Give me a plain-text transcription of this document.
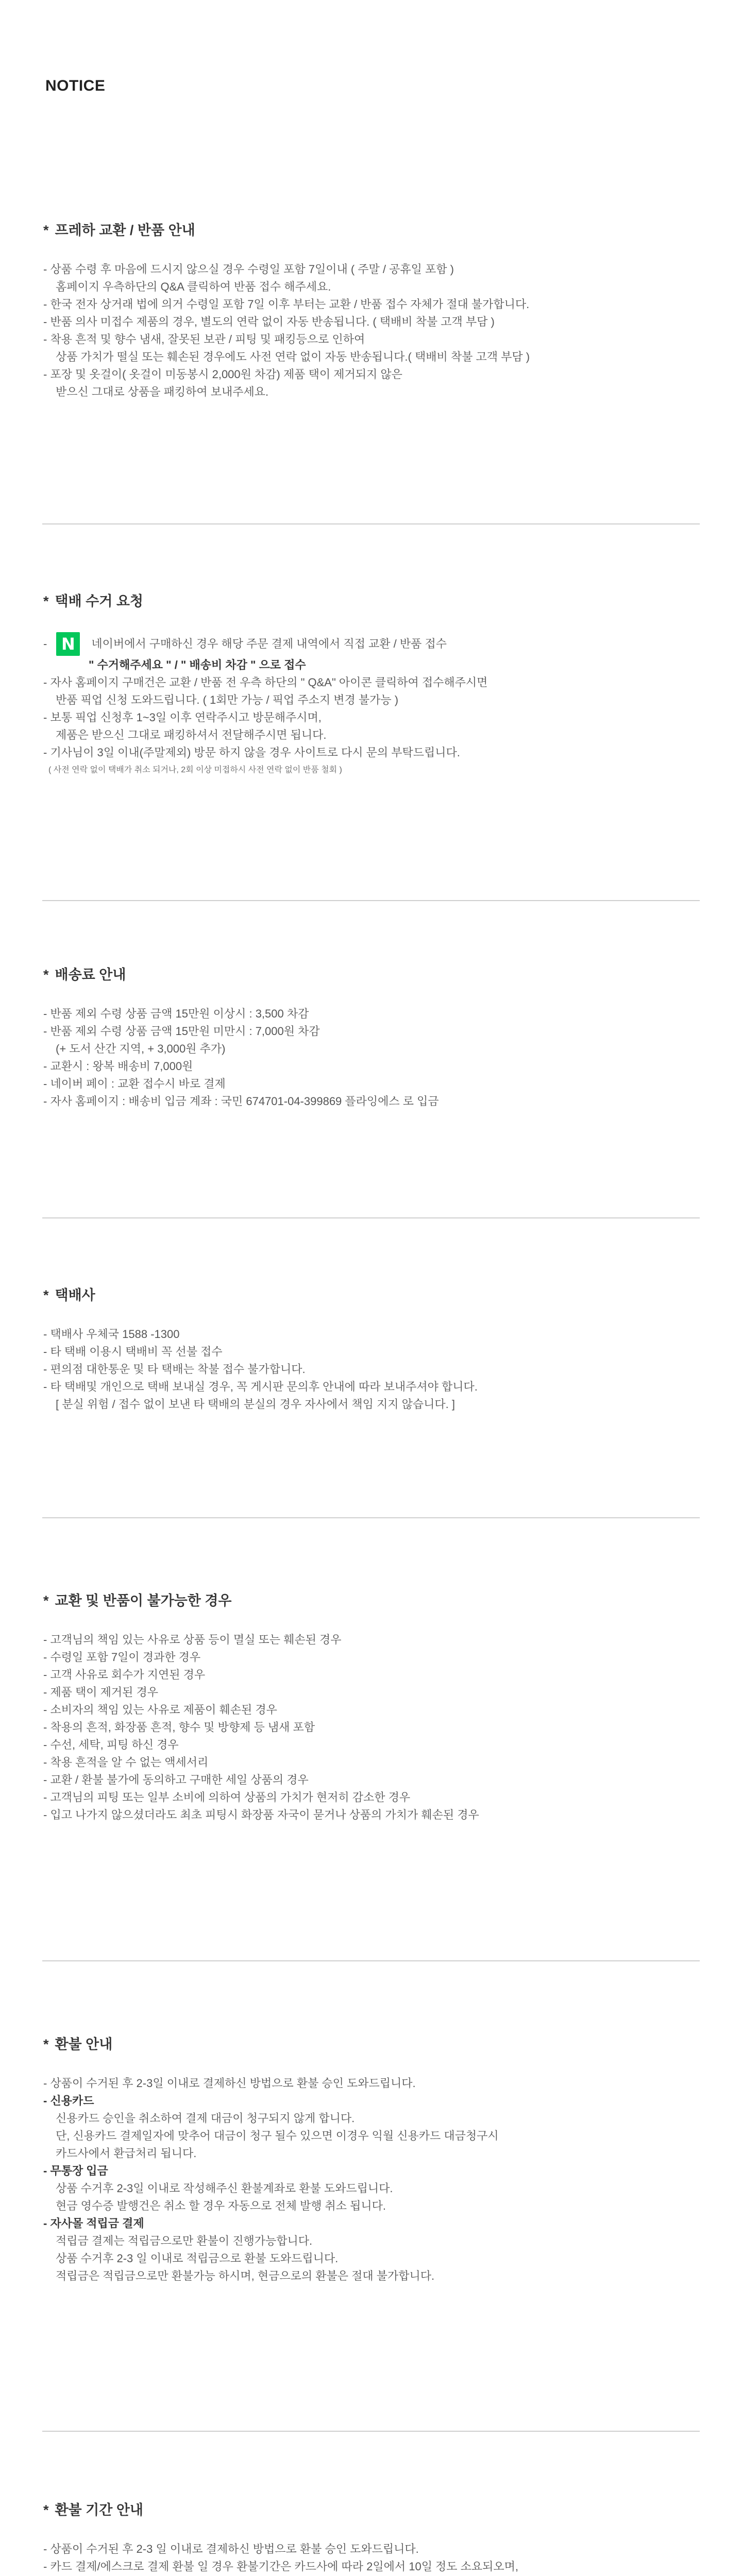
NOTICE
* 프레하 교환 / 반품 안내
- 상품 수령 후 마음에 드시지 않으실 경우 수령일 포함 7일이내 ( 주말 / 공휴일 포함 )
홈페이지 우측하단의 Q&A 클릭하여 반품 접수 해주세요.
- 한국 전자 상거래 법에 의거 수령일 포함 7일 이후 부터는 교환 / 반품 접수 자체가 절대 불가합니다.
- 반품 의사 미접수 제품의 경우, 별도의 연락 없이 자동 반송됩니다. ( 택배비 착불 고객 부담 )
- 착용 흔적 및 향수 냄새, 잘못된 보관 / 피팅 및 패킹등으로 인하여
상품 가치가 떨실 또는 훼손된 경우에도 사전 연락 없이 자동 반송됩니다.( 택배비 착불 고객 부담 )
- 포장 및 옷걸이( 옷걸이 미동봉시 2,000원 차감) 제품 택이 제거되지 않은
받으신 그대로 상품을 패킹하여 보내주세요.
* 택배 수거 요청
- N	네이버에서 구매하신 경우 해당 주문 결제 내역에서 직접 교환 / 반품 접수
" 수거해주세요 " / " 배송비 차감 " 으로 접수
- 자사 홈페이지 구매건은 교환 / 반품 전 우측 하단의 " Q&A" 아이콘 클릭하여 접수해주시면
반품 픽업 신청 도와드립니다. ( 1회만 가능 / 픽업 주소지 변경 불가능 )
- 보통 픽업 신청후 1~3일 이후 연락주시고 방문해주시며,
제품은 받으신 그대로 패킹하셔서 전달해주시면 됩니다.
- 기사님이 3일 이내(주말제외) 방문 하지 않을 경우 사이트로 다시 문의 부탁드립니다.
( 사전 연락 없이 택배가 취소 되거나, 2회 이상 미접하시 사전 연락 없이 반품 철회 )
* 배송료 안내
- 반품 제외 수령 상품 금액 15만원 이상시 : 3,500 차감
- 반품 제외 수령 상품 금액 15만원 미만시 : 7,000원 차감
(+ 도서 산간 지역, + 3,000원 추가)
- 교환시 : 왕복 배송비 7,000원
- 네이버 페이 : 교환 접수시 바로 결제
- 자사 홈페이지 : 배송비 입금 계좌 : 국민 674701-04-399869 플라잉에스 로 입금
* 택배사
- 택배사 우체국 1588 -1300
- 타 택배 이용시 택배비 꼭 선불 접수
- 편의점 대한통운 및 타 택배는 착불 접수 불가합니다.
- 타 택배및 개인으로 택배 보내실 경우, 꼭 게시판 문의후 안내에 따라 보내주셔야 합니다.
[ 분실 위험 / 접수 없이 보낸 타 택배의 분실의 경우 자사에서 책임 지지 않습니다. ]
* 교환 및 반품이 불가능한 경우
- 고객님의 책임 있는 사유로 상품 등이 멸실 또는 훼손된 경우
- 수령일 포함 7일이 경과한 경우
- 고객 사유로 회수가 지연된 경우
- 제품 택이 제거된 경우
- 소비자의 책임 있는 사유로 제품이 훼손된 경우
- 착용의 흔적, 화장품 흔적, 향수 및 방향제 등 냄새 포함
- 수선, 세탁, 피팅 하신 경우
- 착용 흔적을 알 수 없는 액세서리
- 교환 / 환불 불가에 동의하고 구매한 세일 상품의 경우
- 고객님의 피팅 또는 일부 소비에 의하여 상품의 가치가 현저히 감소한 경우
- 입고 나가지 않으셨더라도 최초 피팅시 화장품 자국이 묻거나 상품의 가치가 훼손된 경우
* 환불 안내
- 상품이 수거된 후 2-3일 이내로 결제하신 방법으로 환불 승인 도와드립니다.
- 신용카드
신용카드 승인을 취소하여 결제 대금이 청구되지 않게 합니다.
단, 신용카드 결제일자에 맞추어 대금이 청구 될수 있으면 이경우 익월 신용카드 대금청구시
카드사에서 환급처리 됩니다.
- 무통장 입금
상품 수거후 2-3일 이내로 작성해주신 환불계좌로 환불 도와드립니다.
현금 영수증 발행건은 취소 할 경우 자동으로 전체 발행 취소 됩니다.
- 자사몰 적립금 결제
적립금 결제는 적립금으로만 환불이 진행가능합니다.
상품 수거후 2-3 일 이내로 적립금으로 환불 도와드립니다.
적립금은 적립금으로만 환불가능 하시며, 현금으로의 환불은 절대 불가합니다.
* 환불 기간 안내
- 상품이 수거된 후 2-3 일 이내로 결제하신 방법으로 환불 승인 도와드립니다.
- 카드 결제/에스크로 결제 환불 일 경우 환불기간은 카드사에 따라 2일에서 10일 정도 소요되오며,
